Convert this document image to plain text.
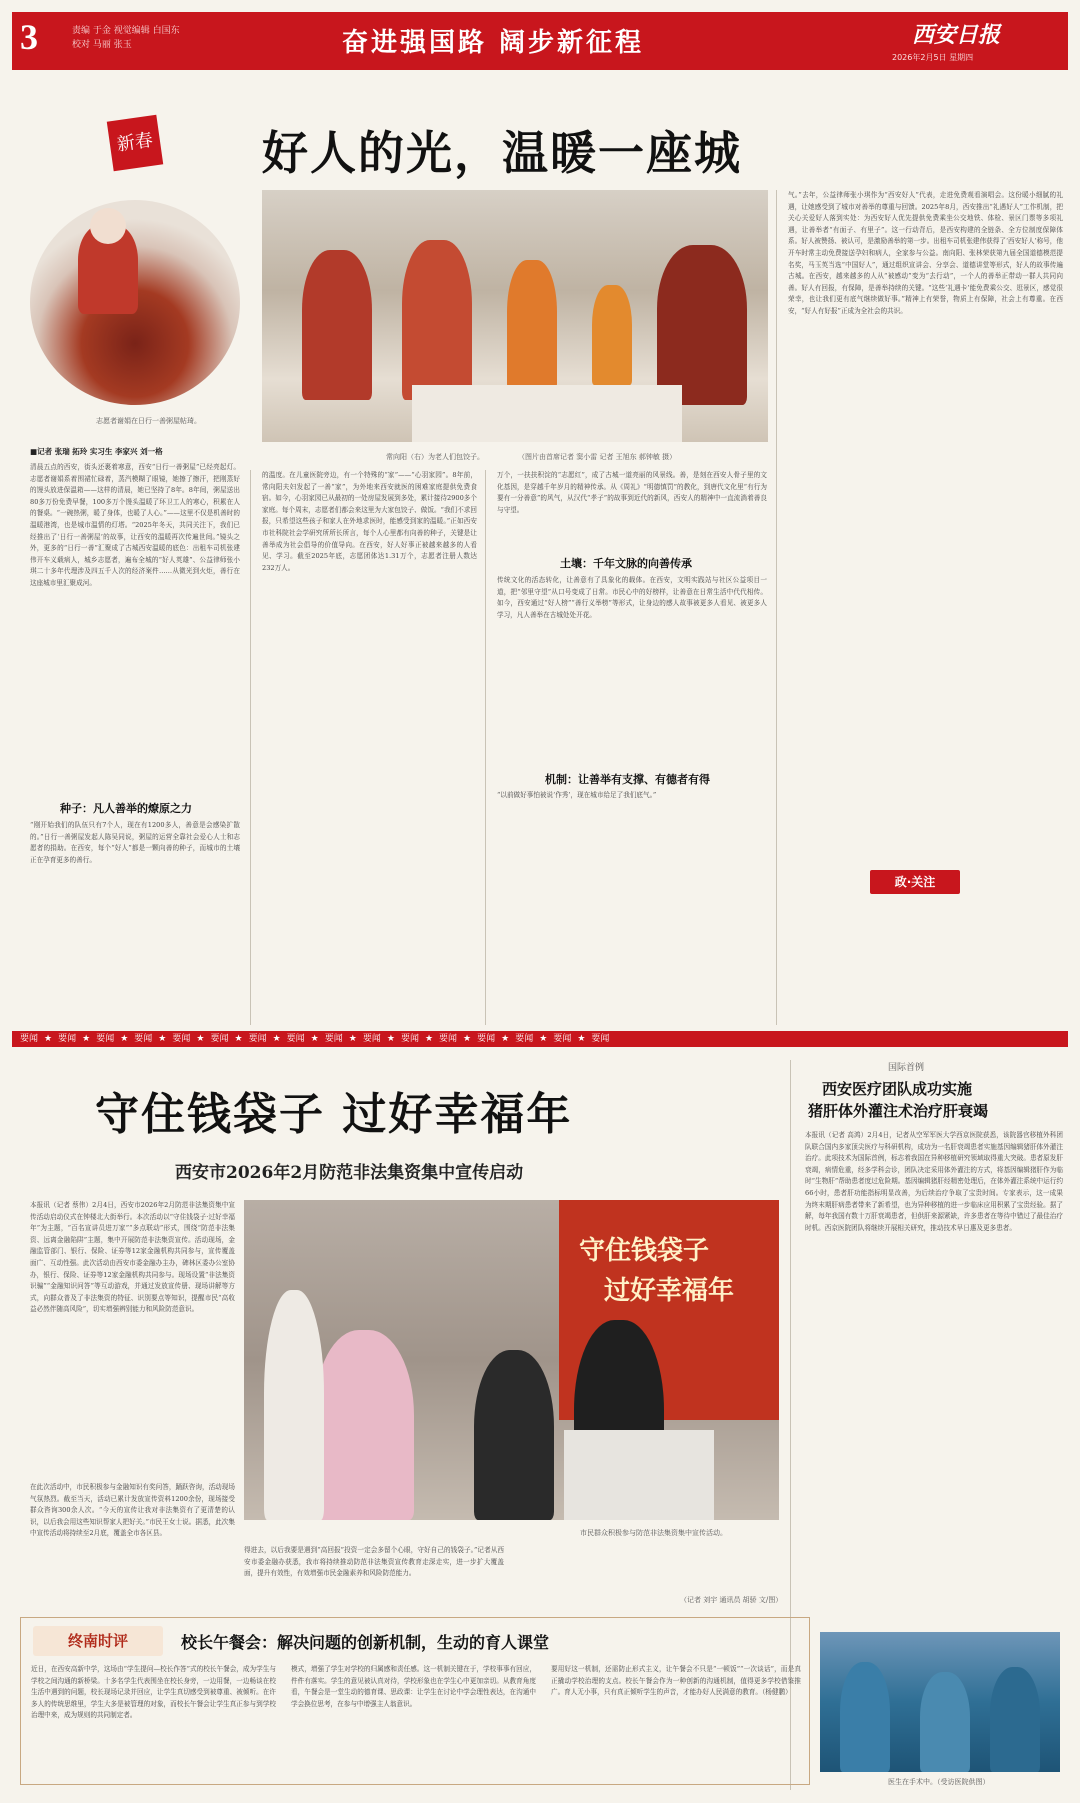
3	责编 于金 视觉编辑 白国东 校对 马丽 张玉	奋进强国路 阔步新征程	西安日报
2026年2月5日 星期四
新春 好人的光，温暖一座城
志愿者谢娟在日行一善粥屋帖琦。
常向阳（右）为老人们包饺子。	（图片由首席记者 窦小雷 记者 王旭东 郝钟敏 摄）
■记者 张瑞 拓玲 实习生 李家兴 刘一格
清晨五点的西安，街头还裹着寒意，西安“日行一善粥屋”已经亮起灯。志愿者谢娟系着围裙忙碌着，蒸汽模糊了眼镜，她擦了擦汗，把刚蒸好的馒头放进保温箱——这样的清晨，她已坚持了8年。8年间，粥屋送出80多万份免费早餐，100多万个馒头温暖了环卫工人的寒心，积累在人的餐桌。“一碗热粥，暖了身体，也暖了人心。”——这里不仅是机善时的温暖港湾，也是城市温情的灯塔。“2025年冬天，共同关注下，我们已经推出了‘日行一善粥屋’的故事，让西安的温暖再次传遍世间。”镜头之外，更多的“日行一善”汇聚成了古城西安温暖的底色：出租车司机张建伟开车义载病人，城乡志愿者，遍布全城的“好人英雄”、公益律师张小琪二十多年代理涉及四五千人次的经济案件……从微光到火炬，善行在这座城市里汇聚成河。
种子：凡人善举的燎原之力
“刚开始我们的队伍只有7个人，现在有1200多人，善意是会感染扩散的。”日行一善粥屋发起人陈吴同说，粥屋的运营全靠社会爱心人士和志愿者的捐助。在西安，每个“好人”都是一颗向善的种子，而城市的土壤正在孕育更多的善行。
的温度。在儿童医院旁边，有一个特殊的“家”——“心羽家园”。8年前，常向阳夫妇发起了一善“家”，为外地来西安就医的困难家庭提供免费食宿。如今，心羽家园已从最初的一处房屋发展到多处，累计接待2900多个家庭。每个周末，志愿者们都会来这里为大家包饺子、做饭。“我们不求回报，只希望这些孩子和家人在外地求医时，能感受到家的温暖。”正如西安市社科院社会学研究所所长所言，每个人心里都有向善的种子，关键是让善举成为社会倡导的价值导向。在西安，好人好事正被越来越多的人看见、学习。截至2025年底，志愿团体达1.31万个，志愿者注册人数达232万人。
万个，一扶扶积淀的“志愿红”，成了古城一道亮丽的风景线。善，是刻在西安人骨子里的文化基因，是穿越千年岁月的精神传承。从《周礼》“明德慎罚”的教化，到唐代文化里“有行为要有一分善意”的风气，从汉代“孝子”的故事到近代的新风，西安人的精神中一直流淌着善良与守望。
土壤：千年文脉的向善传承
传统文化的活态转化，让善意有了具象化的载体。在西安，文明实践站与社区公益项目一道，把“邻里守望”从口号变成了日常。市民心中的好榜样，让善意在日常生活中代代相传。如今，西安通过“好人榜”“善行义举榜”等形式，让身边的感人故事被更多人看见、被更多人学习，凡人善举在古城处处开花。
机制：让善举有支撑、有德者有得
“以前做好事怕被说‘作秀’，现在城市给足了我们底气。”
气。”去年，公益律师张小琪作为“西安好人”代表，走进免费观看演唱会。这份暖小细腻的礼遇，让她感受到了城市对善举的尊重与回馈。2025年8月，西安推出“礼遇好人”工作机制，把关心关爱好人落到实处：为西安好人优先提供免费乘坐公交地铁、体检、景区门票等多项礼遇，让善举者“有面子、有里子”。这一行动背后，是西安构建的全链条、全方位制度保障体系。好人被赞扬、被认可，是激励善举的第一步。出租车司机张建伟获得了‘西安好人’称号，他开车时常主动免费接送孕妇和病人，全家参与公益。南向阳、张林荣获第九届全国道德模范提名奖，马玉英当选“中国好人”，通过组织宣讲会、分享会、道德讲堂等形式，好人的故事传遍古城。在西安，越来越多的人从“被感动”变为“去行动”，一个人的善举正带动一群人共同向善。好人有回报，有保障，是善举持续的关键。“这些‘礼遇卡’能免费乘公交、逛景区，感觉很荣幸，也让我们更有底气继续做好事。”精神上有荣誉，物质上有保障，社会上有尊重。在西安，“好人有好报”正成为全社会的共识。
政·关注
要闻 ★ 要闻 ★ 要闻 ★ 要闻 ★ 要闻 ★ 要闻 ★ 要闻 ★ 要闻 ★ 要闻 ★ 要闻 ★ 要闻 ★ 要闻 ★ 要闻 ★ 要闻 ★ 要闻 ★ 要闻
守住钱袋子 过好幸福年
西安市2026年2月防范非法集资集中宣传启动
本报讯（记者 蔡伟）2月4日，西安市2026年2月防范非法集资集中宣传活动启动仪式在钟楼北大街举行。本次活动以“守住钱袋子·过好幸福年”为主题，“百名宣讲员进万家”“多点联动”形式，围绕“防范非法集资、远离金融陷阱”主题，集中开展防范非法集资宣传。活动现场，金融监管部门、银行、保险、证券等12家金融机构共同参与，宣传覆盖面广、互动性强。此次活动由西安市委金融办主办，碑林区委办公室协办，银行、保险、证券等12家金融机构共同参与。现场设置“非法集资识骗”“金融知识问答”等互动游戏，并通过发放宣传册、现场讲解等方式，向群众普及了非法集资的特征、识别要点等知识，提醒市民“高收益必然伴随高风险”，切实增强辨别能力和风险防范意识。
在此次活动中，市民积极参与金融知识有奖问答，踊跃咨询，活动现场气氛热烈。截至当天，活动已累计发放宣传资料1200余份，现场接受群众咨询300余人次。“今天的宣传让我对非法集资有了更清楚的认识，以后我会用这些知识帮家人把好关。”市民王女士说。据悉，此次集中宣传活动将持续至2月底，覆盖全市各区县。
守住钱袋子
过好幸福年
市民群众积极参与防范非法集资集中宣传活动。
得进去，以后我要是遇到“高回报”投资一定会多留个心眼，守好自己的钱袋子。”记者从西安市委金融办获悉，我市将持续推动防范非法集资宣传教育走深走实，进一步扩大覆盖面，提升有效性，有效增强市民金融素养和风险防范能力。
（记者 刘宇 通讯员 胡骄 文/图）
国际首例
西安医疗团队成功实施
猪肝体外灌注术治疗肝衰竭
本报讯（记者 高鸿）2月4日，记者从空军军医大学西京医院获悉，该院器官移植外科团队联合国内多家顶尖医疗与科研机构，成功为一名肝衰竭患者实施基因编辑猪肝体外灌注治疗。此项技术为国际首例，标志着我国在异种移植研究领域取得重大突破。患者原发肝衰竭，病情危重，经多学科会诊，团队决定采用体外灌注的方式，将基因编辑猪肝作为临时“生物肝”帮助患者度过危险期。基因编辑猪肝经精密处理后，在体外灌注系统中运行约66小时，患者肝功能指标明显改善，为后续治疗争取了宝贵时间。专家表示，这一成果为终末期肝病患者带来了新希望，也为异种移植的进一步临床应用积累了宝贵经验。据了解，每年我国有数十万肝衰竭患者，但供肝来源紧缺，许多患者在等待中错过了最佳治疗时机。西京医院团队将继续开展相关研究，推动技术早日惠及更多患者。
医生在手术中。（受访医院供图）
终南时评	校长午餐会：解决问题的创新机制，生动的育人课堂
近日，在西安高新中学，这场由“学生提问—校长作答”式的校长午餐会，成为学生与学校之间沟通的新桥梁。十多名学生代表围坐在校长身旁，一边用餐，一边畅谈在校生活中遇到的问题，校长现场记录并回应，让学生真切感受到被尊重、被倾听。在许多人的传统思维里，学生大多是被管理的对象，而校长午餐会让学生真正参与到学校治理中来，成为规则的共同制定者。
模式，增强了学生对学校的归属感和责任感。这一机制关键在于，学校事事有回应，件件有落实。学生的意见被认真对待，学校形象也在学生心中更加亲切。从教育角度看，午餐会是一堂生动的德育课、思政课：让学生在讨论中学会理性表达，在沟通中学会换位思考，在参与中增强主人翁意识。
要用好这一机制，还需防止形式主义，让午餐会不只是“一顿饭”“一次谈话”，而是真正撬动学校治理的支点。校长午餐会作为一种创新的沟通机制，值得更多学校借鉴推广。育人无小事，只有真正倾听学生的声音，才能办好人民满意的教育。（杨健鹏）
